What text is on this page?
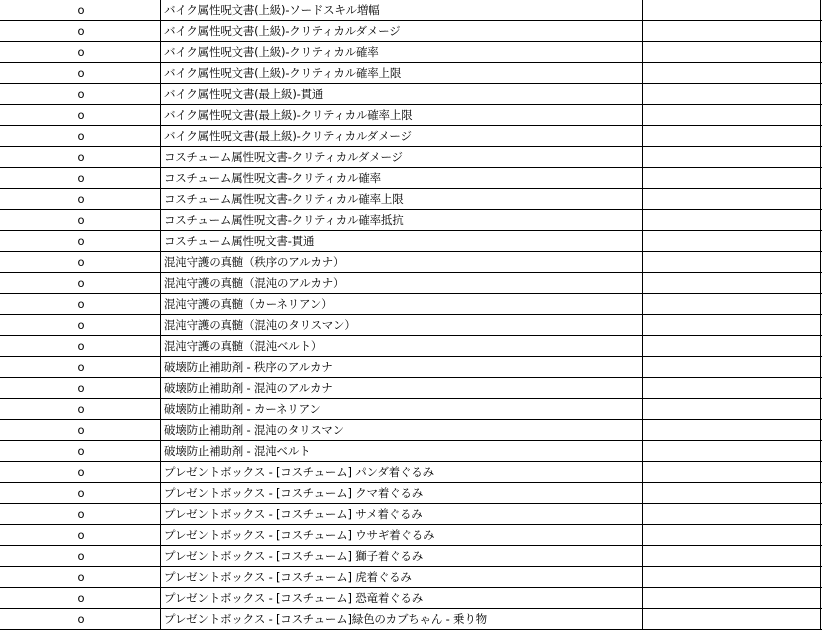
o	バイク属性呪文書(上級)-ソードスキル増幅
o	バイク属性呪文書(上級)-クリティカルダメージ
o	バイク属性呪文書(上級)-クリティカル確率
o	バイク属性呪文書(上級)-クリティカル確率上限
o	バイク属性呪文書(最上級)-貫通
o	バイク属性呪文書(最上級)-クリティカル確率上限
o	バイク属性呪文書(最上級)-クリティカルダメージ
o	コスチューム属性呪文書-クリティカルダメージ
o	コスチューム属性呪文書-クリティカル確率
o	コスチューム属性呪文書-クリティカル確率上限
o	コスチューム属性呪文書-クリティカル確率抵抗
o	コスチューム属性呪文書-貫通
o	混沌守護の真髄（秩序のアルカナ）
o	混沌守護の真髄（混沌のアルカナ）
o	混沌守護の真髄（カーネリアン）
o	混沌守護の真髄（混沌のタリスマン）
o	混沌守護の真髄（混沌ベルト）
o	破壊防止補助剤 - 秩序のアルカナ
o	破壊防止補助剤 - 混沌のアルカナ
o	破壊防止補助剤 - カーネリアン
o	破壊防止補助剤 - 混沌のタリスマン
o	破壊防止補助剤 - 混沌ベルト
o	プレゼントボックス - [コスチューム] パンダ着ぐるみ
o	プレゼントボックス - [コスチューム] クマ着ぐるみ
o	プレゼントボックス - [コスチューム] サメ着ぐるみ
o	プレゼントボックス - [コスチューム] ウサギ着ぐるみ
o	プレゼントボックス - [コスチューム] 獅子着ぐるみ
o	プレゼントボックス - [コスチューム] 虎着ぐるみ
o	プレゼントボックス - [コスチューム] 恐竜着ぐるみ
o	プレゼントボックス - [コスチューム]緑色のカブちゃん - 乗り物
